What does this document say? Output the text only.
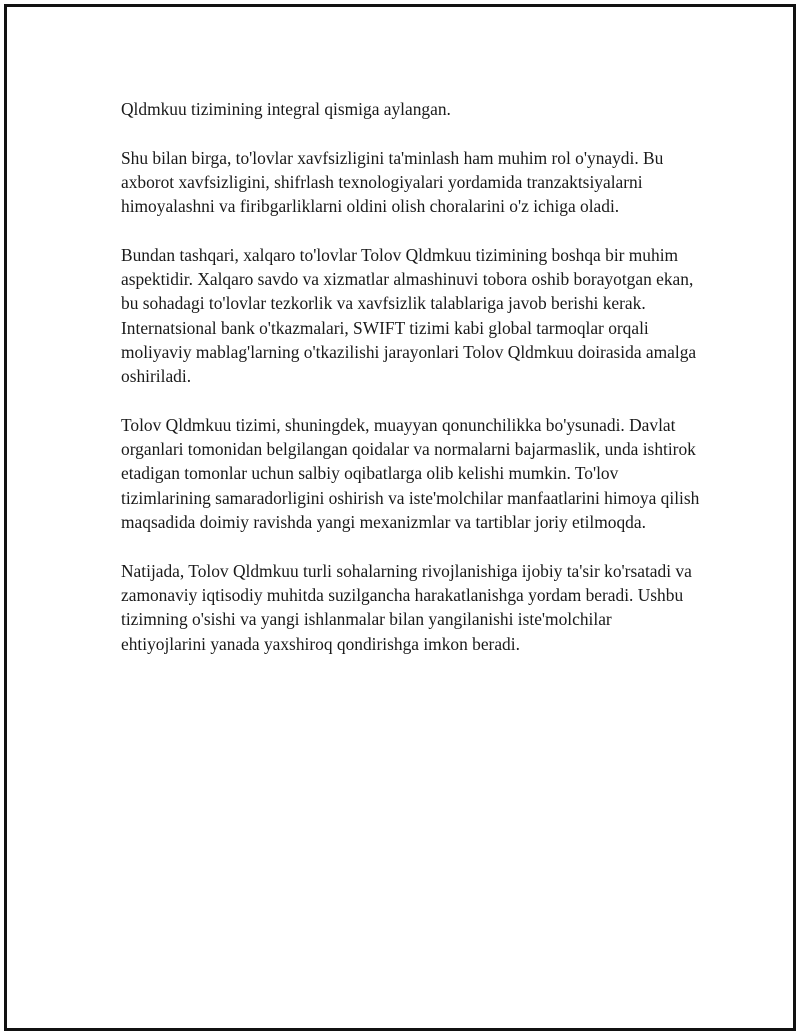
Qldmkuu tizimining integral qismiga aylangan.

Shu bilan birga, to'lovlar xavfsizligini ta'minlash ham muhim rol o'ynaydi. Bu axborot xavfsizligini, shifrlash texnologiyalari yordamida tranzaktsiyalarni himoyalashni va firibgarliklarni oldini olish choralarini o'z ichiga oladi.

Bundan tashqari, xalqaro to'lovlar Tolov Qldmkuu tizimining boshqa bir muhim aspektidir. Xalqaro savdo va xizmatlar almashinuvi tobora oshib borayotgan ekan, bu sohadagi to'lovlar tezkorlik va xavfsizlik talablariga javob berishi kerak. Internatsional bank o'tkazmalari, SWIFT tizimi kabi global tarmoqlar orqali moliyaviy mablag'larning o'tkazilishi jarayonlari Tolov Qldmkuu doirasida amalga oshiriladi.

Tolov Qldmkuu tizimi, shuningdek, muayyan qonunchilikka bo'ysunadi. Davlat organlari tomonidan belgilangan qoidalar va normalarni bajarmaslik, unda ishtirok etadigan tomonlar uchun salbiy oqibatlarga olib kelishi mumkin. To'lov tizimlarining samaradorligini oshirish va iste'molchilar manfaatlarini himoya qilish maqsadida doimiy ravishda yangi mexanizmlar va tartiblar joriy etilmoqda.

Natijada, Tolov Qldmkuu turli sohalarning rivojlanishiga ijobiy ta'sir ko'rsatadi va zamonaviy iqtisodiy muhitda suzilgancha harakatlanishga yordam beradi. Ushbu tizimning o'sishi va yangi ishlanmalar bilan yangilanishi iste'molchilar ehtiyojlarini yanada yaxshiroq qondirishga imkon beradi.
